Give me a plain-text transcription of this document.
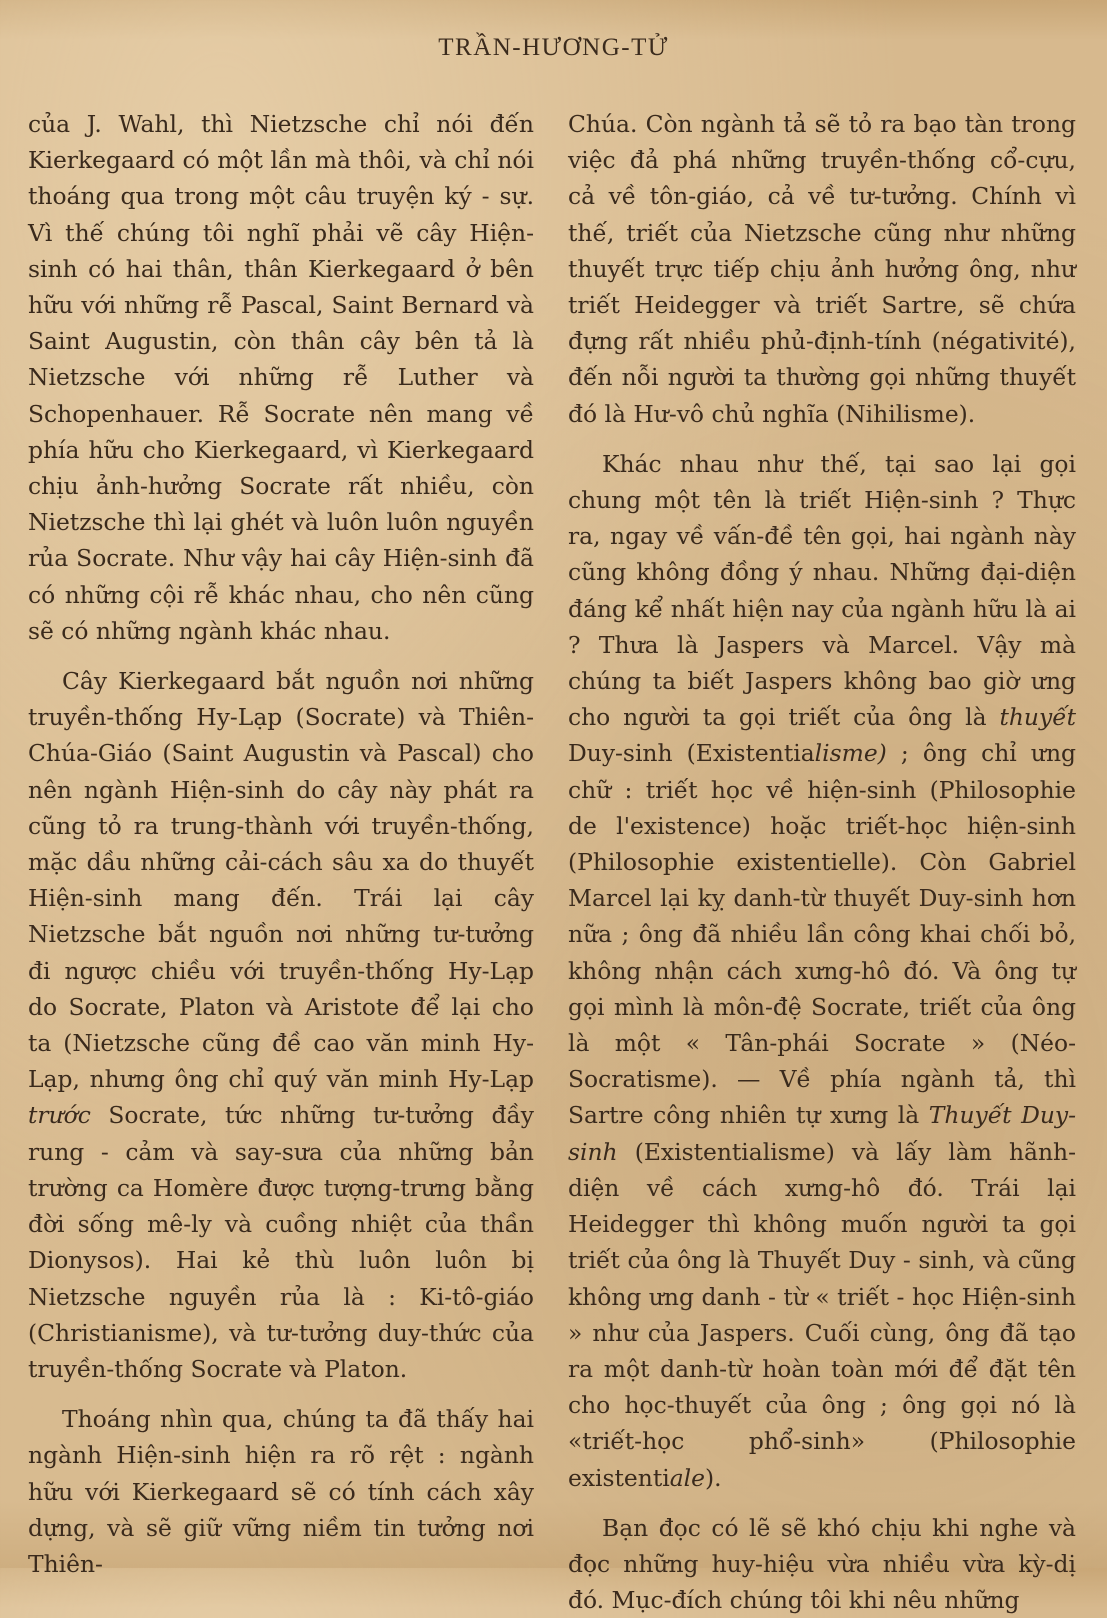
TRẦN-HƯƠNG-TỬ

của J. Wahl, thì Nietzsche chỉ nói đến Kierkegaard có một lần mà thôi, và chỉ nói thoáng qua trong một câu truyện ký - sự. Vì thế chúng tôi nghĩ phải vẽ cây Hiện-sinh có hai thân, thân Kierkegaard ở bên hữu với những rễ Pascal, Saint Bernard và Saint Augustin, còn thân cây bên tả là Nietzsche với những rễ Luther và Schopenhauer. Rễ Socrate nên mang về phía hữu cho Kierkegaard, vì Kierkegaard chịu ảnh-hưởng Socrate rất nhiều, còn Nietzsche thì lại ghét và luôn luôn nguyền rủa Socrate. Như vậy hai cây Hiện-sinh đã có những cội rễ khác nhau, cho nên cũng sẽ có những ngành khác nhau.

Cây Kierkegaard bắt nguồn nơi những truyền-thống Hy-Lạp (Socrate) và Thiên-Chúa-Giáo (Saint Augustin và Pascal) cho nên ngành Hiện-sinh do cây này phát ra cũng tỏ ra trung-thành với truyền-thống, mặc dầu những cải-cách sâu xa do thuyết Hiện-sinh mang đến. Trái lại cây Nietzsche bắt nguồn nơi những tư-tưởng đi ngược chiều với truyền-thống Hy-Lạp do Socrate, Platon và Aristote để lại cho ta (Nietzsche cũng đề cao văn minh Hy-Lạp, nhưng ông chỉ quý văn minh Hy-Lạp trước Socrate, tức những tư-tưởng đầy rung - cảm và say-sưa của những bản trường ca Homère được tượng-trưng bằng đời sống mê-ly và cuồng nhiệt của thần Dionysos). Hai kẻ thù luôn luôn bị Nietzsche nguyền rủa là : Ki-tô-giáo (Christianisme), và tư-tưởng duy-thức của truyền-thống Socrate và Platon.

Thoáng nhìn qua, chúng ta đã thấy hai ngành Hiện-sinh hiện ra rõ rệt : ngành hữu với Kierkegaard sẽ có tính cách xây dựng, và sẽ giữ vững niềm tin tưởng nơi Thiên-

Chúa. Còn ngành tả sẽ tỏ ra bạo tàn trong việc đả phá những truyền-thống cổ-cựu, cả về tôn-giáo, cả về tư-tưởng. Chính vì thế, triết của Nietzsche cũng như những thuyết trực tiếp chịu ảnh hưởng ông, như triết Heidegger và triết Sartre, sẽ chứa đựng rất nhiều phủ-định-tính (négativité), đến nỗi người ta thường gọi những thuyết đó là Hư-vô chủ nghĩa (Nihilisme).

Khác nhau như thế, tại sao lại gọi chung một tên là triết Hiện-sinh ? Thực ra, ngay về vấn-đề tên gọi, hai ngành này cũng không đồng ý nhau. Những đại-diện đáng kể nhất hiện nay của ngành hữu là ai ? Thưa là Jaspers và Marcel. Vậy mà chúng ta biết Jaspers không bao giờ ưng cho người ta gọi triết của ông là thuyết Duy-sinh (Existentialisme) ; ông chỉ ưng chữ : triết học về hiện-sinh (Philosophie de l'existence) hoặc triết-học hiện-sinh (Philosophie existentielle). Còn Gabriel Marcel lại kỵ danh-từ thuyết Duy-sinh hơn nữa ; ông đã nhiều lần công khai chối bỏ, không nhận cách xưng-hô đó. Và ông tự gọi mình là môn-đệ Socrate, triết của ông là một « Tân-phái Socrate » (Néo-Socratisme). — Về phía ngành tả, thì Sartre công nhiên tự xưng là Thuyết Duy-sinh (Existentialisme) và lấy làm hãnh-diện về cách xưng-hô đó. Trái lại Heidegger thì không muốn người ta gọi triết của ông là Thuyết Duy - sinh, và cũng không ưng danh - từ « triết - học Hiện-sinh » như của Jaspers. Cuối cùng, ông đã tạo ra một danh-từ hoàn toàn mới để đặt tên cho học-thuyết của ông ; ông gọi nó là «triết-học phổ-sinh» (Philosophie existentiale).

Bạn đọc có lẽ sẽ khó chịu khi nghe và đọc những huy-hiệu vừa nhiều vừa kỳ-dị đó. Mục-đích chúng tôi khi nêu những
